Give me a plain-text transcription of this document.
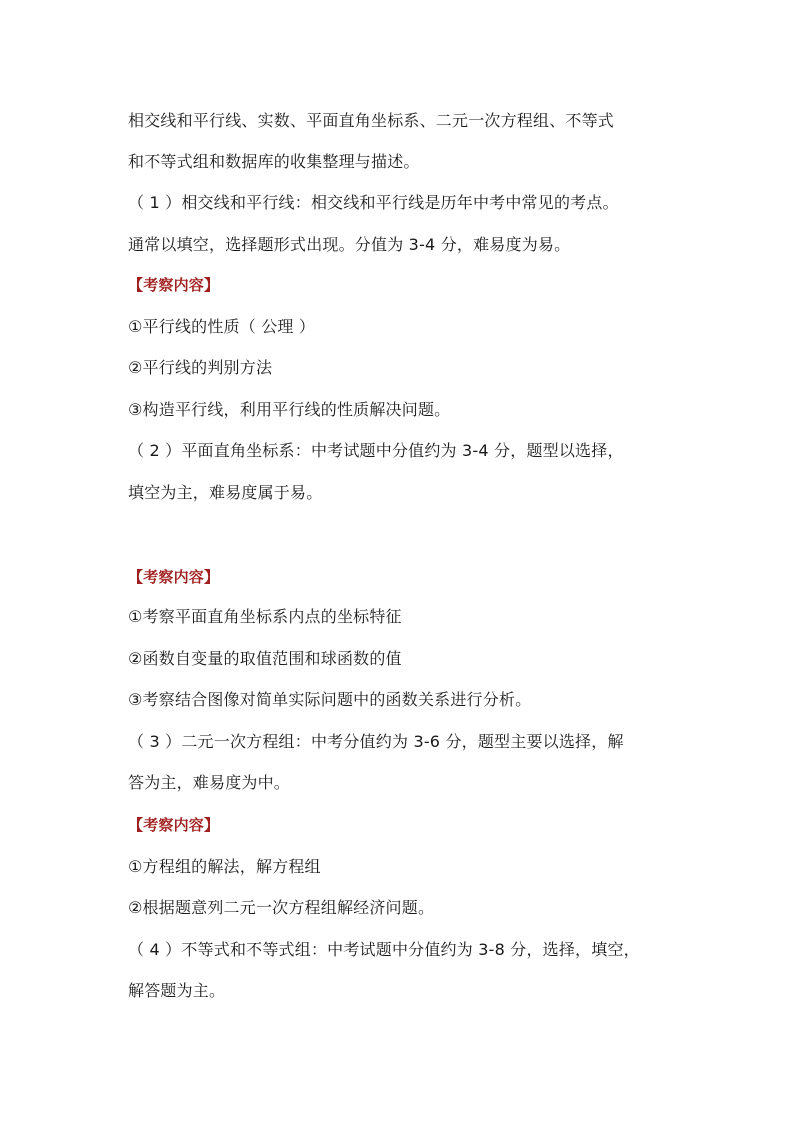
相交线和平行线、实数、平面直角坐标系、二元一次方程组、不等式
和不等式组和数据库的收集整理与描述。
（ 1 ）相交线和平行线：相交线和平行线是历年中考中常见的考点。
通常以填空，选择题形式出现。分值为 3-4 分，难易度为易。
【考察内容】
①平行线的性质（ 公理 ）
②平行线的判别方法
③构造平行线，利用平行线的性质解决问题。
（ 2 ）平面直角坐标系：中考试题中分值约为 3-4 分，题型以选择，
填空为主，难易度属于易。
【考察内容】
①考察平面直角坐标系内点的坐标特征
②函数自变量的取值范围和球函数的值
③考察结合图像对简单实际问题中的函数关系进行分析。
（ 3 ）二元一次方程组：中考分值约为 3-6 分，题型主要以选择，解
答为主，难易度为中。
【考察内容】
①方程组的解法，解方程组
②根据题意列二元一次方程组解经济问题。
（ 4 ）不等式和不等式组：中考试题中分值约为 3-8 分，选择，填空，
解答题为主。
